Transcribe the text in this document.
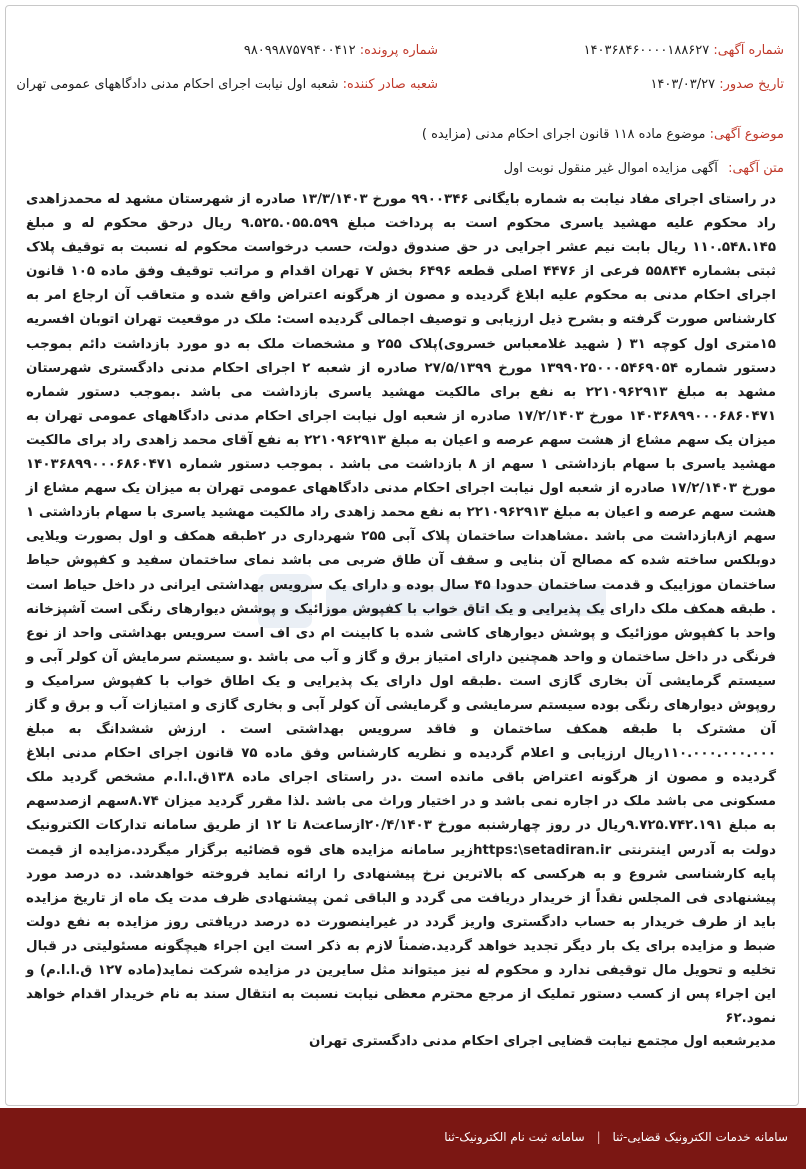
شماره آگهی: ۱۴۰۳۶۸۴۶۰۰۰۰۱۸۸۶۲۷
شماره پرونده: ۹۸۰۹۹۸۷۵۷۹۴۰۰۴۱۲
تاریخ صدور: ۱۴۰۳/۰۳/۲۷
شعبه صادر کننده: شعبه اول نیابت اجرای احکام مدنی دادگاههای عمومی تهران
موضوع آگهی: موضوع ماده ۱۱۸ قانون اجرای احکام مدنی (مزایده )
متن آگهی: آگهی مزایده اموال غیر منقول نوبت اول

در راستای اجرای مفاد نیابت به شماره بایگانی ۹۹۰۰۳۴۶ مورخ ۱۳/۳/۱۴۰۳ صادره از شهرستان مشهد له محمدزاهدی راد محکوم علیه مهشید یاسری محکوم است به پرداخت مبلغ ۹.۵۲۵.۰۵۵.۵۹۹ ریال درحق محکوم له و مبلغ ۱۱۰.۵۴۸.۱۴۵ ریال بابت نیم عشر اجرایی در حق صندوق دولت، حسب درخواست محکوم له نسبت به توقیف پلاک ثبتی بشماره ۵۵۸۴۴ فرعی از ۴۴۷۶ اصلی قطعه ۶۴۹۶ بخش ۷ تهران اقدام و مراتب توقیف وفق ماده ۱۰۵ قانون اجرای احکام مدنی به محکوم علیه ابلاغ گردیده و مصون از هرگونه اعتراض واقع شده و متعاقب آن ارجاع امر به کارشناس صورت گرفته و بشرح ذیل ارزیابی و توصیف اجمالی گردیده است: ملک در موقعیت تهران اتوبان افسریه ۱۵متری اول کوچه ۳۱ ( شهید غلامعباس خسروی)پلاک ۲۵۵ و مشخصات ملک به دو مورد بازداشت دائم بموجب دستور شماره ۱۳۹۹۰۲۵۰۰۰۵۴۶۹۰۵۴ مورخ ۲۷/۵/۱۳۹۹ صادره از شعبه ۲ اجرای احکام مدنی دادگستری شهرستان مشهد به مبلغ ۲۲۱۰۹۶۲۹۱۳ به نفع برای مالکیت مهشید یاسری بازداشت می باشد .بموجب دستور شماره ۱۴۰۳۶۸۹۹۰۰۰۶۸۶۰۴۷۱ مورخ ۱۷/۲/۱۴۰۳ صادره از شعبه اول نیابت اجرای احکام مدنی دادگاههای عمومی تهران به میزان یک سهم مشاع از هشت سهم عرصه و اعیان به مبلغ ۲۲۱۰۹۶۲۹۱۳ به نفع آقای محمد زاهدی راد برای مالکیت مهشید یاسری با سهام بازداشتی ۱ سهم از ۸ بازداشت می باشد . بموجب دستور شماره ۱۴۰۳۶۸۹۹۰۰۰۶۸۶۰۴۷۱ مورخ ۱۷/۲/۱۴۰۳ صادره از شعبه اول نیابت اجرای احکام مدنی دادگاههای عمومی تهران به میزان یک سهم مشاع از هشت سهم عرصه و اعیان به مبلغ ۲۲۱۰۹۶۲۹۱۳ به نفع محمد زاهدی راد مالکیت مهشید یاسری با سهام بازداشتی ۱ سهم از۸بازداشت می باشد .مشاهدات ساختمان پلاک آبی ۲۵۵ شهرداری در ۲طبقه همکف و اول بصورت ویلایی دوبلکس ساخته شده که مصالح آن بنایی و سقف آن طاق ضربی می باشد نمای ساختمان سفید و کفپوش حیاط ساختمان موزاییک و قدمت ساختمان حدودا ۴۵ سال بوده و دارای یک سرویس بهداشتی ایرانی در داخل حیاط است . طبقه همکف ملک دارای یک پذیرایی و یک اتاق خواب با کفپوش موزائیک و پوشش دیوارهای رنگی است آشپزخانه واحد با کفپوش موزائیک و پوشش دیوارهای کاشی شده با کابینت ام دی اف است سرویس بهداشتی واحد از نوع فرنگی در داخل ساختمان و واحد همچنین دارای امتیاز برق و گاز و آب می باشد .و سیستم سرمایش آن کولر آبی و سیستم گرمایشی آن بخاری گازی است .طبقه اول دارای یک پذیرایی و یک اطاق خواب با کفپوش سرامیک و روپوش دیوارهای رنگی بوده سیستم سرمایشی و گرمایشی آن کولر آبی و بخاری گازی و امتیازات آب و برق و گاز آن مشترک با طبقه همکف ساختمان و فاقد سرویس بهداشتی است . ارزش ششدانگ به مبلغ ۱۱۰.۰۰۰.۰۰۰.۰۰۰ریال ارزیابی و اعلام گردیده و نظریه کارشناس وفق ماده ۷۵ قانون اجرای احکام مدنی ابلاغ گردیده و مصون از هرگونه اعتراض باقی مانده است .در راستای اجرای ماده ۱۳۸ق.ا.ا.م مشخص گردید ملک مسکونی می باشد ملک در اجاره نمی باشد و در اختیار وراث می باشد .لذا مقرر گردید میزان ۸.۷۴سهم ازصدسهم به مبلغ ۹.۷۲۵.۷۴۲.۱۹۱ریال در روز چهارشنبه مورخ ۲۰/۴/۱۴۰۳ازساعت۸ تا ۱۲ از طریق سامانه تدارکات الکترونیک دولت به آدرس اینترنتی https:\setadiran.irزیر سامانه مزایده های قوه قضائیه برگزار میگردد.مزایده از قیمت پایه کارشناسی شروع و به هرکسی که بالاترین نرخ پیشنهادی را ارائه نماید فروخته خواهدشد. ده درصد مورد پیشنهادی فی المجلس نقداً از خریدار دریافت می گردد و الباقی ثمن پیشنهادی ظرف مدت یک ماه از تاریخ مزایده باید از طرف خریدار به حساب دادگستری واریز گردد در غیراینصورت ده درصد دریافتی روز مزایده به نفع دولت ضبط و مزایده برای یک بار دیگر تجدید خواهد گردید.ضمناً لازم به ذکر است این اجراء هیچگونه مسئولیتی در قبال تخلیه و تحویل مال توقیفی ندارد و محکوم له نیز میتواند مثل سایرین در مزایده شرکت نماید(ماده ۱۲۷ ق.ا.ا.م) و این اجراء پس از کسب دستور تملیک از مرجع محترم معظی نیابت نسبت به انتقال سند به نام خریدار اقدام خواهد نمود.۶۲

مدیرشعبه اول مجتمع نیابت قضایی اجرای احکام مدنی دادگستری تهران
سامانه خدمات الکترونیک قضایی-ثنا | سامانه ثبت نام الکترونیک-ثنا
